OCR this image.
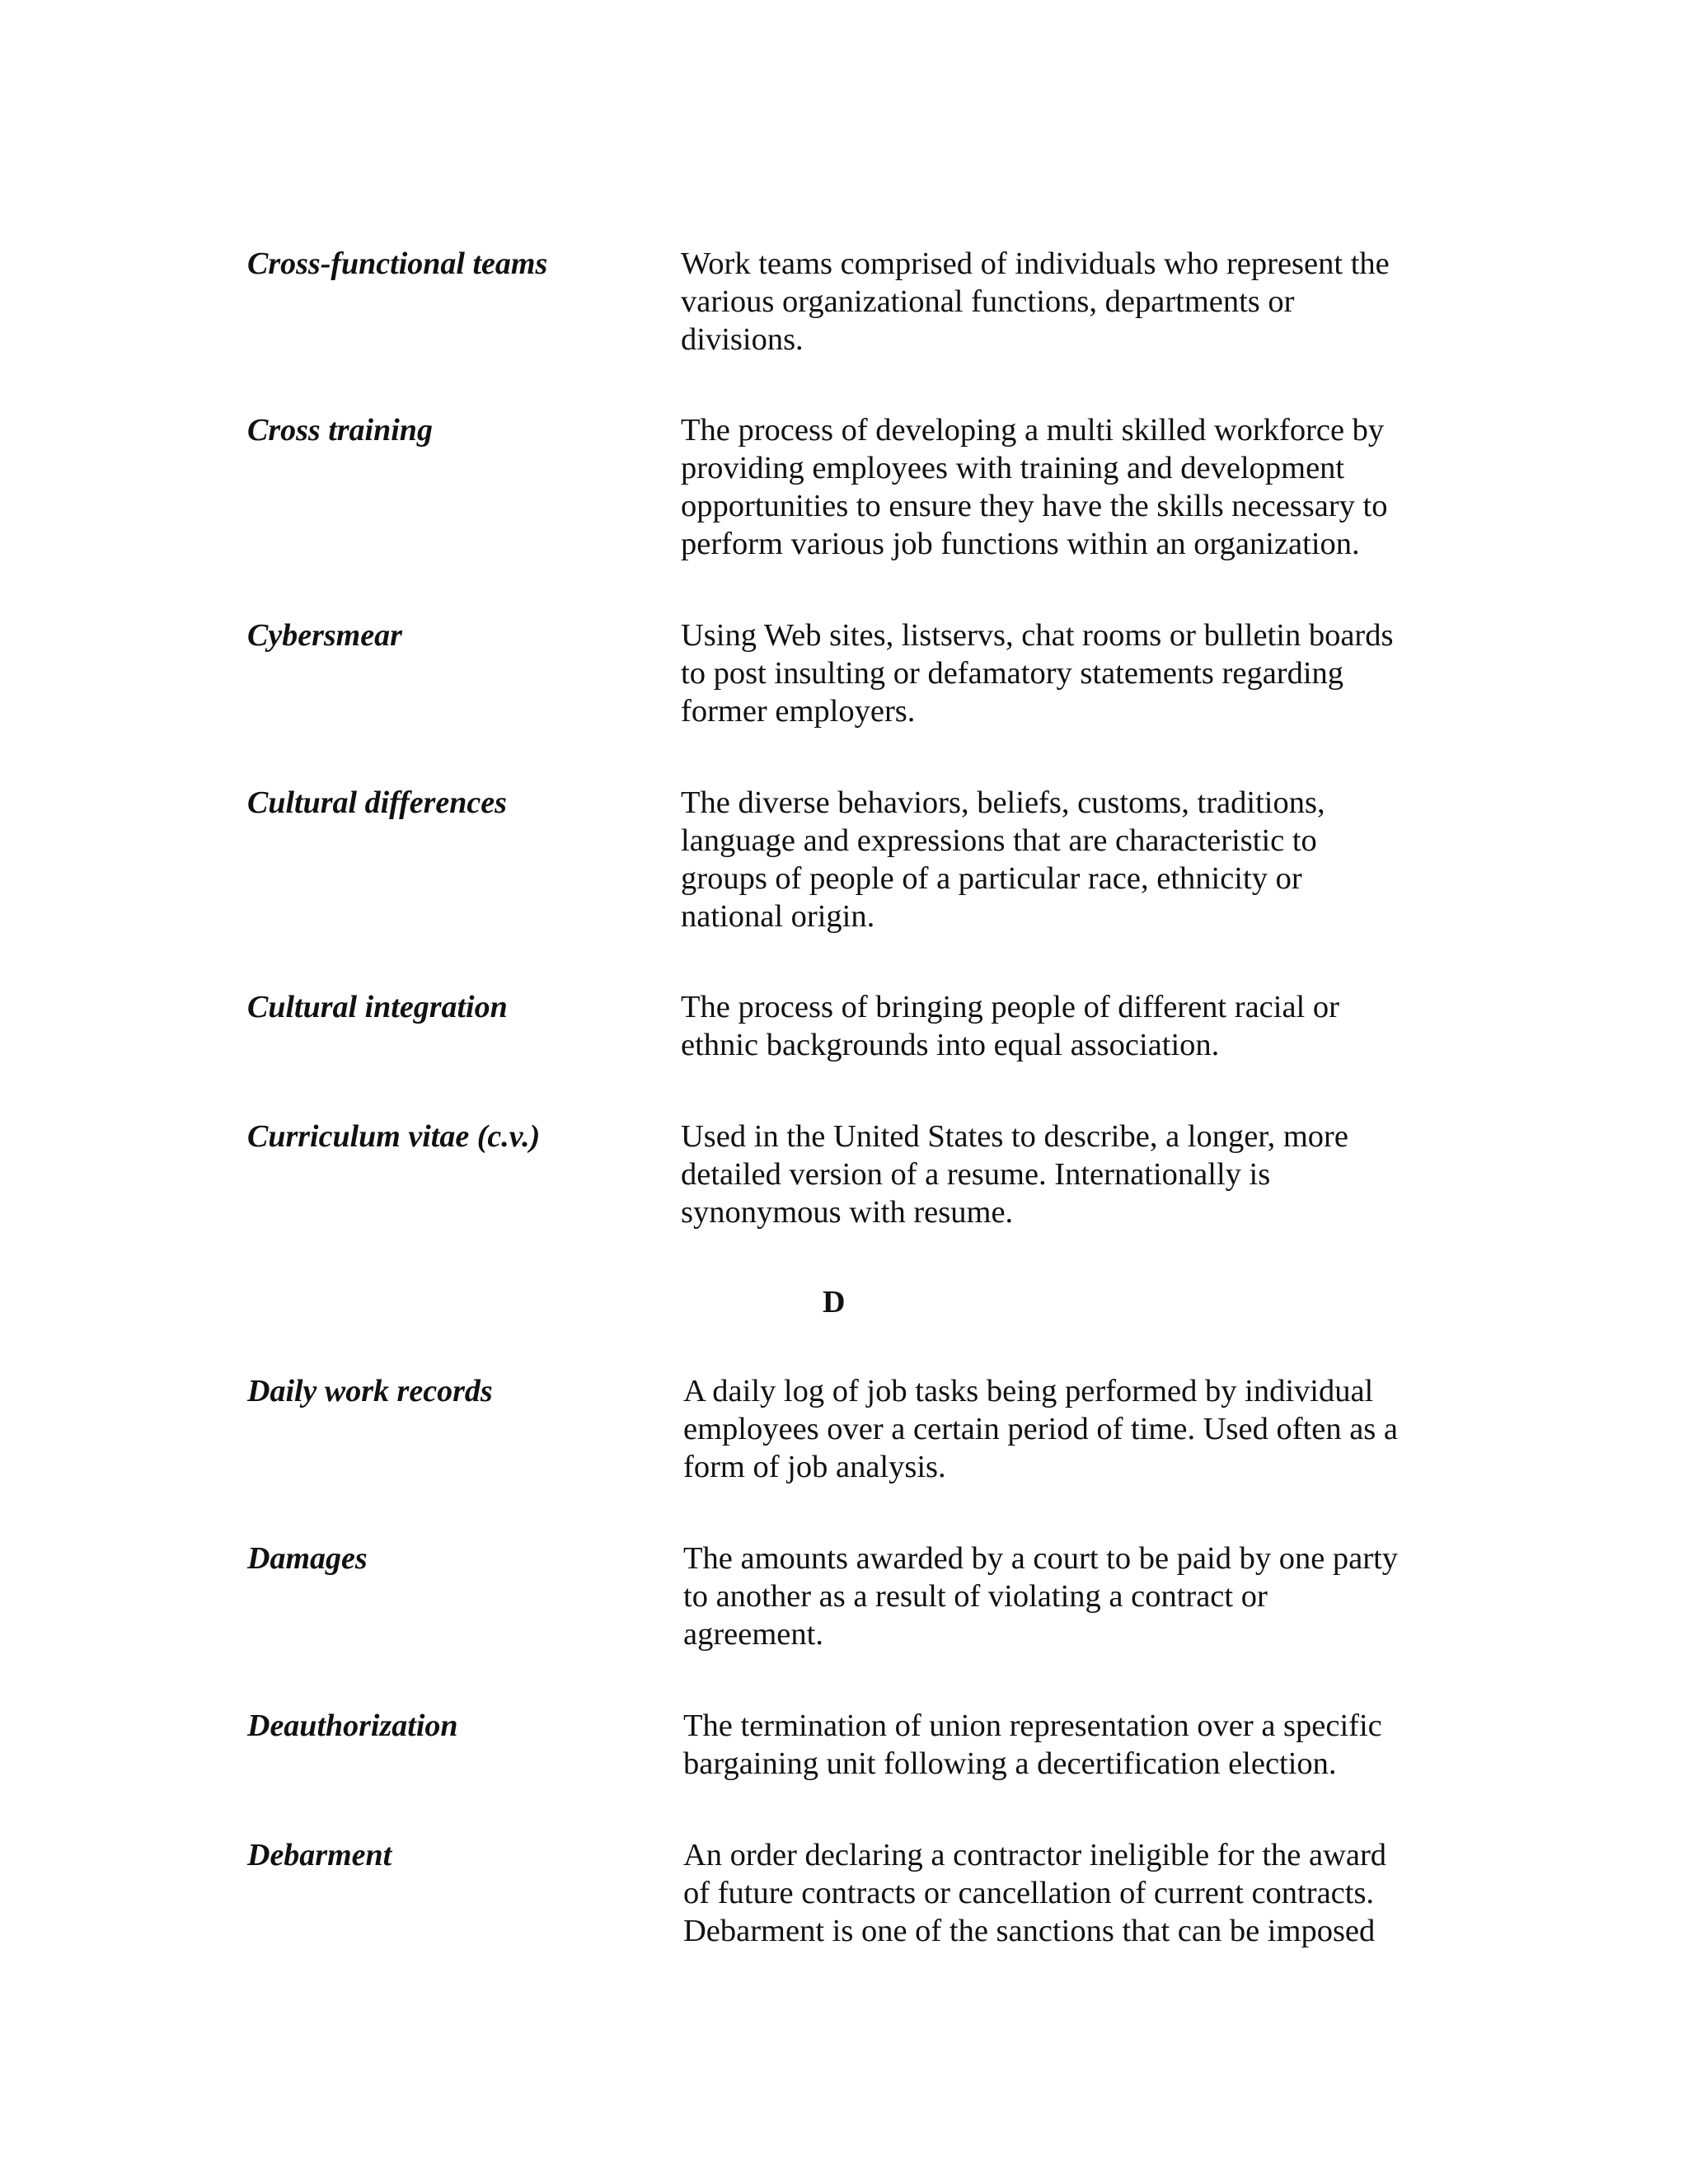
Cross-functional teams	Work teams comprised of individuals who represent the
various organizational functions, departments or
divisions.
Cross training	The process of developing a multi skilled workforce by
providing employees with training and development
opportunities to ensure they have the skills necessary to
perform various job functions within an organization.
Cybersmear	Using Web sites, listservs, chat rooms or bulletin boards
to post insulting or defamatory statements regarding
former employers.
Cultural differences	The diverse behaviors, beliefs, customs, traditions,
language and expressions that are characteristic to
groups of people of a particular race, ethnicity or
national origin.
Cultural integration	The process of bringing people of different racial or
ethnic backgrounds into equal association.
Curriculum vitae (c.v.)	Used in the United States to describe, a longer, more
detailed version of a resume. Internationally is
synonymous with resume.
D
Daily work records	A daily log of job tasks being performed by individual
employees over a certain period of time. Used often as a
form of job analysis.
Damages	The amounts awarded by a court to be paid by one party
to another as a result of violating a contract or
agreement.
Deauthorization	The termination of union representation over a specific
bargaining unit following a decertification election.
Debarment	An order declaring a contractor ineligible for the award
of future contracts or cancellation of current contracts.
Debarment is one of the sanctions that can be imposed
